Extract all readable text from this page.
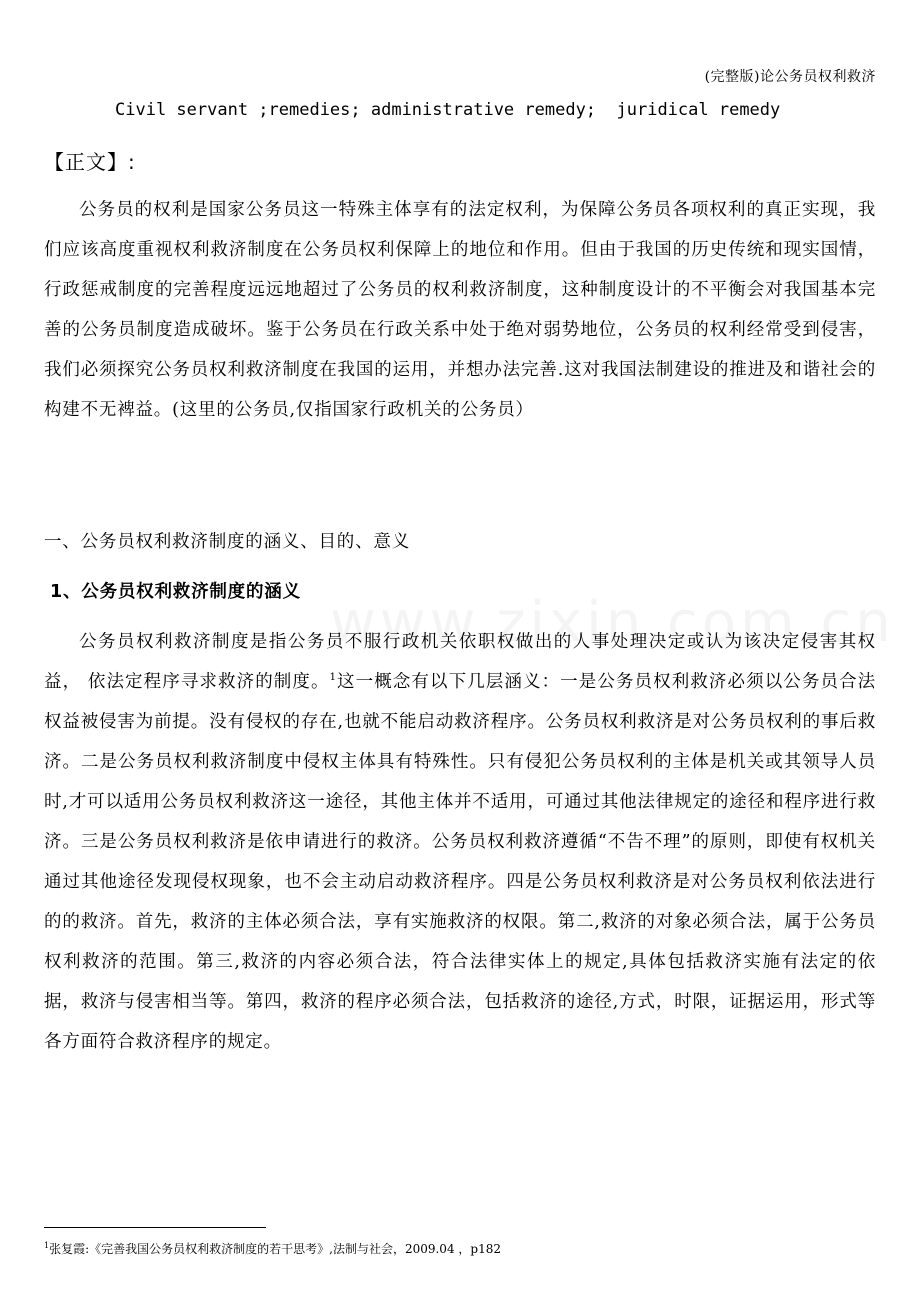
(完整版)论公务员权利救济
Civil servant ;remedies; administrative remedy;  juridical remedy
【正文】:

公务员的权利是国家公务员这一特殊主体享有的法定权利，为保障公务员各项权利的真正实现，我们应该高度重视权利救济制度在公务员权利保障上的地位和作用。但由于我国的历史传统和现实国情，行政惩戒制度的完善程度远远地超过了公务员的权利救济制度，这种制度设计的不平衡会对我国基本完善的公务员制度造成破坏。鉴于公务员在行政关系中处于绝对弱势地位，公务员的权利经常受到侵害，我们必须探究公务员权利救济制度在我国的运用，并想办法完善.这对我国法制建设的推进及和谐社会的构建不无裨益。(这里的公务员,仅指国家行政机关的公务员）

一、公务员权利救济制度的涵义、目的、意义
1、公务员权利救济制度的涵义

公务员权利救济制度是指公务员不服行政机关依职权做出的人事处理决定或认为该决定侵害其权益， 依法定程序寻求救济的制度。$^1$这一概念有以下几层涵义：一是公务员权利救济必须以公务员合法权益被侵害为前提。没有侵权的存在,也就不能启动救济程序。公务员权利救济是对公务员权利的事后救济。二是公务员权利救济制度中侵权主体具有特殊性。只有侵犯公务员权利的主体是机关或其领导人员时,才可以适用公务员权利救济这一途径，其他主体并不适用，可通过其他法律规定的途径和程序进行救济。三是公务员权利救济是依申请进行的救济。公务员权利救济遵循“不告不理”的原则，即使有权机关通过其他途径发现侵权现象，也不会主动启动救济程序。四是公务员权利救济是对公务员权利依法进行的的救济。首先，救济的主体必须合法，享有实施救济的权限。第二,救济的对象必须合法，属于公务员权利救济的范围。第三,救济的内容必须合法，符合法律实体上的规定,具体包括救济实施有法定的依据，救济与侵害相当等。第四，救济的程序必须合法，包括救济的途径,方式，时限，证据运用，形式等各方面符合救济程序的规定。

$^1$张复霞:《完善我国公务员权利救济制度的若干思考》,法制与社会，2009.04 ，p182
